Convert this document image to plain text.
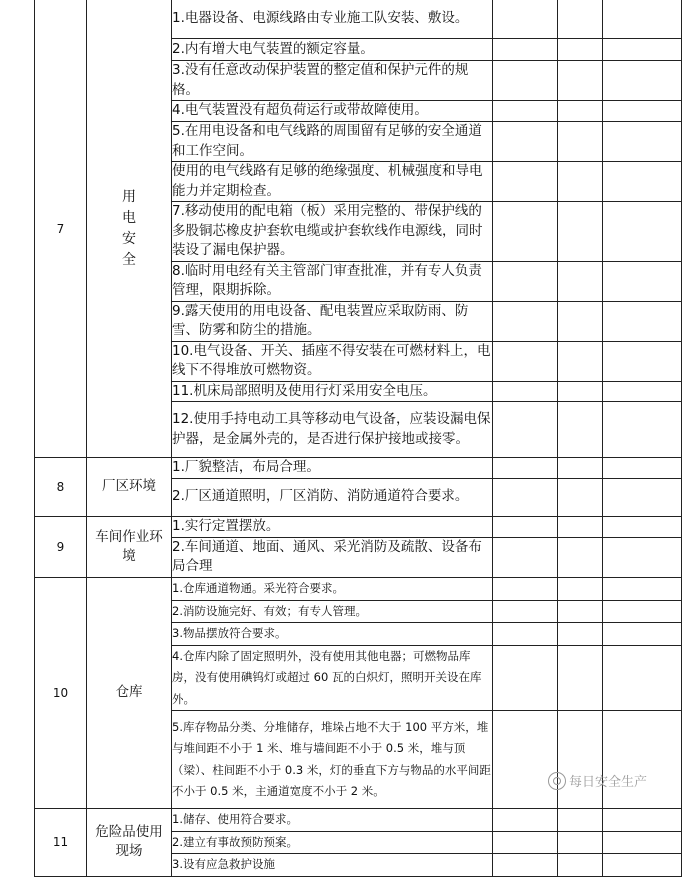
7	用电安全	1.电器设备、电源线路由专业施工队安装、敷设。			
		2.内有增大电气装置的额定容量。			
		3.没有任意改动保护装置的整定值和保护元件的规格。			
		4.电气装置没有超负荷运行或带故障使用。			
		5.在用电设备和电气线路的周围留有足够的安全通道和工作空间。			
		使用的电气线路有足够的绝缘强度、机械强度和导电能力并定期检查。			
		7.移动使用的配电箱（板）采用完整的、带保护线的多股铜芯橡皮护套软电缆或护套软线作电源线，同时装设了漏电保护器。			
		8.临时用电经有关主管部门审查批准，并有专人负责管理，限期拆除。			
		9.露天使用的用电设备、配电装置应采取防雨、防雪、防雾和防尘的措施。			
		10.电气设备、开关、插座不得安装在可燃材料上，电线下不得堆放可燃物资。			
		11.机床局部照明及使用行灯采用安全电压。			
		12.使用手持电动工具等移动电气设备，应装设漏电保护器，是金属外壳的，是否进行保护接地或接零。			
8	厂区环境	1.厂貌整洁，布局合理。			
		2.厂区通道照明，厂区消防、消防通道符合要求。			
9	车间作业环境	1.实行定置摆放。			
		2.车间通道、地面、通风、采光消防及疏散、设备布局合理			
10	仓库	1.仓库通道物通。采光符合要求。			
		2.消防设施完好、有效；有专人管理。			
		3.物品摆放符合要求。			
		4.仓库内除了固定照明外，没有使用其他电器；可燃物品库房，没有使用碘钨灯或超过 60 瓦的白炽灯，照明开关设在库外。			
		5.库存物品分类、分堆储存，堆垛占地不大于 100 平方米，堆与堆间距不小于 1 米、堆与墙间距不小于 0.5 米，堆与顶（梁）、柱间距不小于 0.3 米，灯的垂直下方与物品的水平间距不小于 0.5 米，主通道宽度不小于 2 米。			
11	危险品使用现场	1.储存、使用符合要求。			
		2.建立有事故预防预案。			
		3.设有应急救护设施			
每日安全生产
